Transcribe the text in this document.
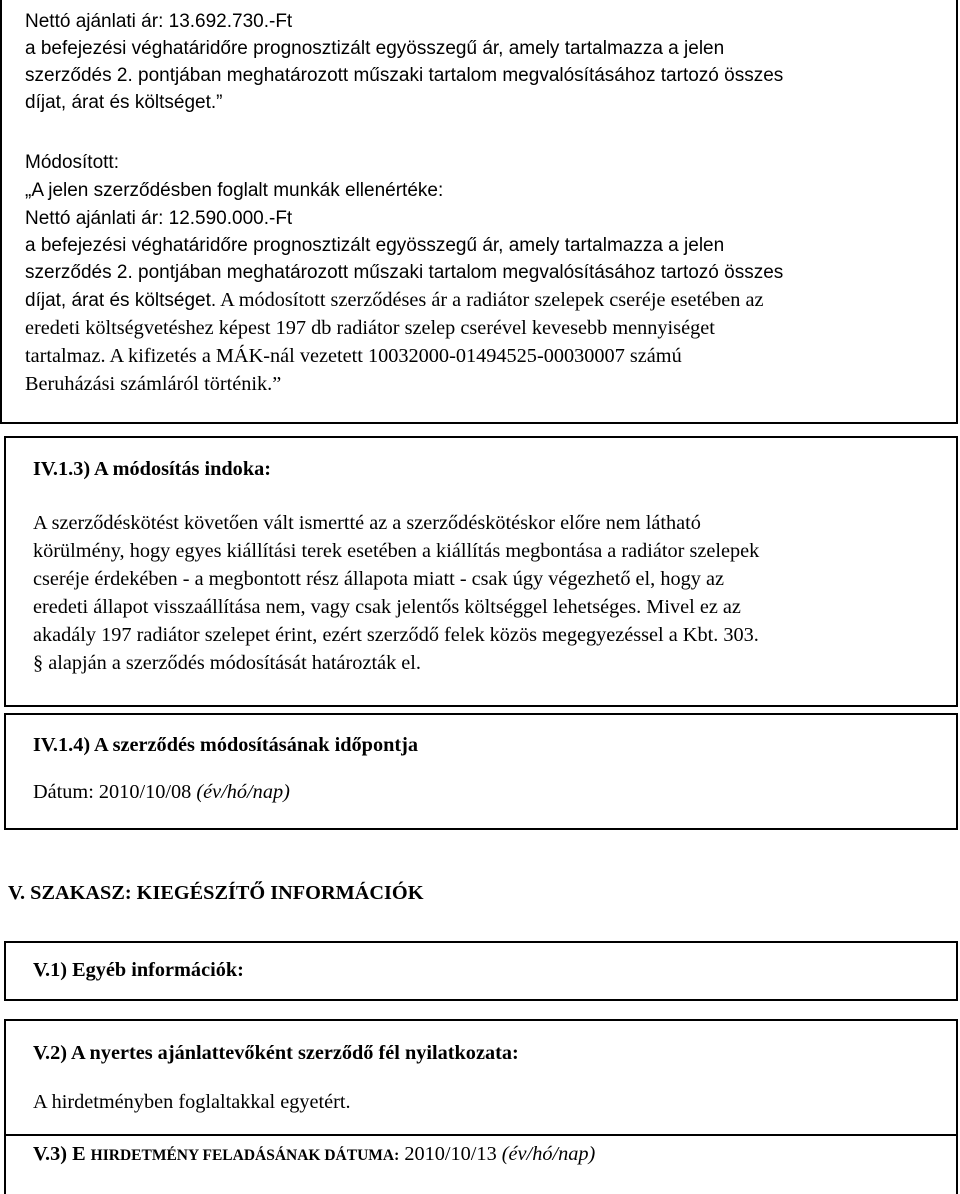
Nettó ajánlati ár: 13.692.730.-Ft
a befejezési véghatáridőre prognosztizált egyösszegű ár, amely tartalmazza a jelen
szerződés 2. pontjában meghatározott műszaki tartalom megvalósításához tartozó összes
díjat, árat és költséget.”
Módosított:
„A jelen szerződésben foglalt munkák ellenértéke:
Nettó ajánlati ár: 12.590.000.-Ft
a befejezési véghatáridőre prognosztizált egyösszegű ár, amely tartalmazza a jelen
szerződés 2. pontjában meghatározott műszaki tartalom megvalósításához tartozó összes
díjat, árat és költséget. A módosított szerződéses ár a radiátor szelepek cseréje esetében az
eredeti költségvetéshez képest 197 db radiátor szelep cserével kevesebb mennyiséget
tartalmaz. A kifizetés a MÁK-nál vezetett 10032000-01494525-00030007 számú
Beruházási számláról történik.”
IV.1.3) A módosítás indoka:
A szerződéskötést követően vált ismertté az a szerződéskötéskor előre nem látható
körülmény, hogy egyes kiállítási terek esetében a kiállítás megbontása a radiátor szelepek
cseréje érdekében - a megbontott rész állapota miatt - csak úgy végezhető el, hogy az
eredeti állapot visszaállítása nem, vagy csak jelentős költséggel lehetséges. Mivel ez az
akadály 197 radiátor szelepet érint, ezért szerződő felek közös megegyezéssel a Kbt. 303.
§ alapján a szerződés módosítását határozták el.
IV.1.4) A szerződés módosításának időpontja
Dátum: 2010/10/08 (év/hó/nap)
V. SZAKASZ: KIEGÉSZÍTŐ INFORMÁCIÓK
V.1) Egyéb információk:
V.2) A nyertes ajánlattevőként szerződő fél nyilatkozata:
A hirdetményben foglaltakkal egyetért.
V.3) E HIRDETMÉNY FELADÁSÁNAK DÁTUMA: 2010/10/13 (év/hó/nap)
